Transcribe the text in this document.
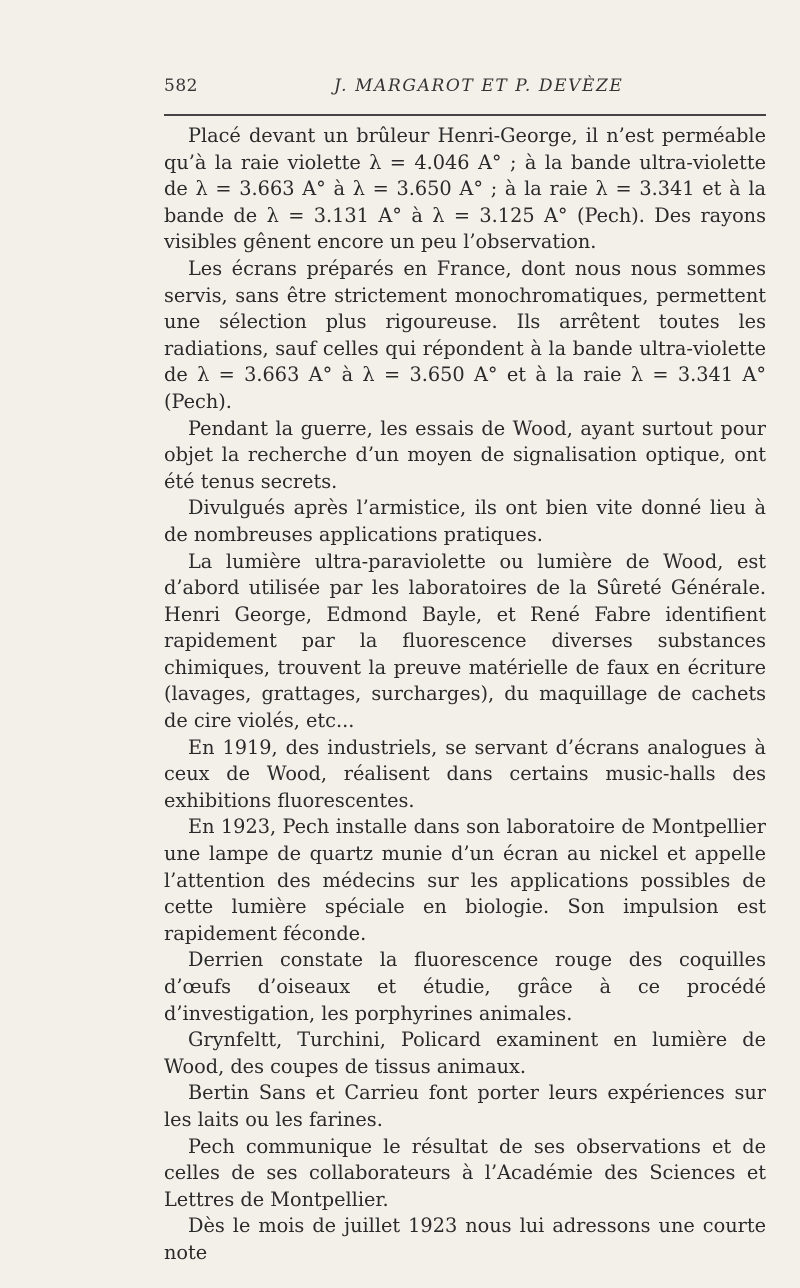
582	J. MARGAROT ET P. DEVÈZE

Placé devant un brûleur Henri-George, il n’est perméable qu’à la raie violette λ = 4.046 A° ; à la bande ultra-violette de λ = 3.663 A° à λ = 3.650 A° ; à la raie λ = 3.341 et à la bande de λ = 3.131 A° à λ = 3.125 A° (Pech). Des rayons visibles gênent encore un peu l’observation.

Les écrans préparés en France, dont nous nous sommes servis, sans être strictement monochromatiques, permettent une sélection plus rigoureuse. Ils arrêtent toutes les radiations, sauf celles qui répondent à la bande ultra-violette de λ = 3.663 A° à λ = 3.650 A° et à la raie λ = 3.341 A° (Pech).

Pendant la guerre, les essais de Wood, ayant surtout pour objet la recherche d’un moyen de signalisation optique, ont été tenus secrets.

Divulgués après l’armistice, ils ont bien vite donné lieu à de nombreuses applications pratiques.

La lumière ultra-paraviolette ou lumière de Wood, est d’abord utilisée par les laboratoires de la Sûreté Générale. Henri George, Edmond Bayle, et René Fabre identifient rapidement par la fluorescence diverses substances chimiques, trouvent la preuve matérielle de faux en écriture (lavages, grattages, surcharges), du maquillage de cachets de cire violés, etc...

En 1919, des industriels, se servant d’écrans analogues à ceux de Wood, réalisent dans certains music-halls des exhibitions fluorescentes.

En 1923, Pech installe dans son laboratoire de Montpellier une lampe de quartz munie d’un écran au nickel et appelle l’attention des médecins sur les applications possibles de cette lumière spéciale en biologie. Son impulsion est rapidement féconde.

Derrien constate la fluorescence rouge des coquilles d’œufs d’oiseaux et étudie, grâce à ce procédé d’investigation, les porphyrines animales.

Grynfeltt, Turchini, Policard examinent en lumière de Wood, des coupes de tissus animaux.

Bertin Sans et Carrieu font porter leurs expériences sur les laits ou les farines.

Pech communique le résultat de ses observations et de celles de ses collaborateurs à l’Académie des Sciences et Lettres de Montpellier.

Dès le mois de juillet 1923 nous lui adressons une courte note
